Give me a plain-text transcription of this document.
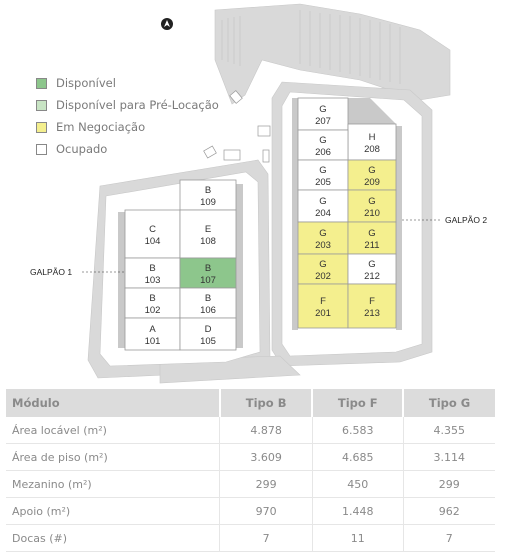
B
109
C
104
E
108
B
103
B
107
B
102
B
106
A
101
D
105
G
207
H
208
G
206
G
205
G
209
G
204
G
210
G
203
G
211
G
202
G
212
F
201
F
213
GALPÃO 1
GALPÃO 2
Disponível
Disponível para Pré-Locação
Em Negociação
Ocupado
Módulo	Tipo B	Tipo F	Tipo G
Área locável (m²)	4.878	6.583	4.355
Área de piso (m²)	3.609	4.685	3.114
Mezanino (m²)	299	450	299
Apoio (m²)	970	1.448	962
Docas (#)	7	11	7
